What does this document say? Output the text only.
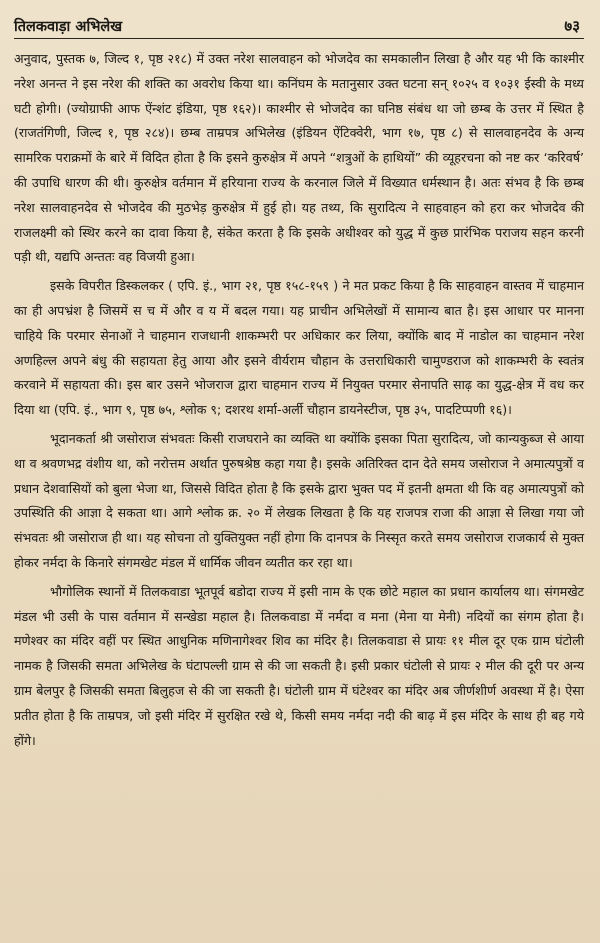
तिलकवाड़ा अभिलेख	७३

अनुवाद, पुस्तक ७, जिल्द १, पृष्ठ २१८) में उक्त नरेश सालवाहन को भोजदेव का समकालीन लिखा है और यह भी कि काश्मीर नरेश अनन्त ने इस नरेश की शक्ति का अवरोध किया था। कनिंघम के मतानुसार उक्त घटना सन् १०२५ व १०३१ ईस्वी के मध्य घटी होगी। (ज्योग्राफी आफ ऐंन्शंट इंडिया, पृष्ठ १६२)। काश्मीर से भोजदेव का घनिष्ठ संबंध था जो छम्ब के उत्तर में स्थित है (राजतंगिणी, जिल्द १, पृष्ठ २८४)। छम्ब ताम्रपत्र अभिलेख (इंडियन ऐंटिक्वेरी, भाग १७, पृष्ठ ८) से सालवाहनदेव के अन्य सामरिक पराक्रमों के बारे में विदित होता है कि इसने कुरुक्षेत्र में अपने “शत्रुओं के हाथियों” की व्यूहरचना को नष्ट कर ‘करिवर्ष’ की उपाधि धारण की थी। कुरुक्षेत्र वर्तमान में हरियाना राज्य के करनाल जिले में विख्यात धर्मस्थान है। अतः संभव है कि छम्ब नरेश सालवाहनदेव से भोजदेव की मुठभेड़ कुरुक्षेत्र में हुई हो। यह तथ्य, कि सुरादित्य ने साहवाहन को हरा कर भोजदेव की राजलक्ष्मी को स्थिर करने का दावा किया है, संकेत करता है कि इसके अधीश्वर को युद्ध में कुछ प्रारंभिक पराजय सहन करनी पड़ी थी, यद्यपि अन्ततः वह विजयी हुआ।

इसके विपरीत डिस्कलकर ( एपि. इं., भाग २१, पृष्ठ १५८-१५९ ) ने मत प्रकट किया है कि साहवाहन वास्तव में चाहमान का ही अपभ्रंश है जिसमें स च में और व य में बदल गया। यह प्राचीन अभिलेखों में सामान्य बात है। इस आधार पर मानना चाहिये कि परमार सेनाओं ने चाहमान राजधानी शाकम्भरी पर अधिकार कर लिया, क्योंकि बाद में नाडोल का चाहमान नरेश अणहिल्ल अपने बंधु की सहायता हेतु आया और इसने वीर्यराम चौहान के उत्तराधिकारी चामुण्डराज को शाकम्भरी के स्वतंत्र करवाने में सहायता की। इस बार उसने भोजराज द्वारा चाहमान राज्य में नियुक्त परमार सेनापति साढ़ का युद्ध-क्षेत्र में वध कर दिया था (एपि. इं., भाग ९, पृष्ठ ७५, श्लोक ९; दशरथ शर्मा-अर्ली चौहान डायनेस्टीज, पृष्ठ ३५, पादटिप्पणी १६)।

भूदानकर्ता श्री जसोराज संभवतः किसी राजघराने का व्यक्ति था क्योंकि इसका पिता सुरादित्य, जो कान्यकुब्ज से आया था व श्रवणभद्र वंशीय था, को नरोत्तम अर्थात पुरुषश्रेष्ठ कहा गया है। इसके अतिरिक्त दान देते समय जसोराज ने अमात्यपुत्रों व प्रधान देशवासियों को बुला भेजा था, जिससे विदित होता है कि इसके द्वारा भुक्त पद में इतनी क्षमता थी कि वह अमात्यपुत्रों को उपस्थिति की आज्ञा दे सकता था। आगे श्लोक क्र. २० में लेखक लिखता है कि यह राजपत्र राजा की आज्ञा से लिखा गया जो संभवतः श्री जसोराज ही था। यह सोचना तो युक्तियुक्त नहीं होगा कि दानपत्र के निस्सृत करते समय जसोराज राजकार्य से मुक्त होकर नर्मदा के किनारे संगमखेट मंडल में धार्मिक जीवन व्यतीत कर रहा था।

भौगोलिक स्थानों में तिलकवाडा भूतपूर्व बडोदा राज्य में इसी नाम के एक छोटे महाल का प्रधान कार्यालय था। संगमखेट मंडल भी उसी के पास वर्तमान में सन्खेडा महाल है। तिलकवाडा में नर्मदा व मना (मेना या मेनी) नदियों का संगम होता है। मणेश्वर का मंदिर वहीं पर स्थित आधुनिक मणिनागेश्वर शिव का मंदिर है। तिलकवाडा से प्रायः ११ मील दूर एक ग्राम घंटोली नामक है जिसकी समता अभिलेख के घंटापल्ली ग्राम से की जा सकती है। इसी प्रकार घंटोली से प्रायः २ मील की दूरी पर अन्य ग्राम बेलपुर है जिसकी समता बिलुहज से की जा सकती है। घंटोली ग्राम में घंटेश्वर का मंदिर अब जीर्णशीर्ण अवस्था में है। ऐसा प्रतीत होता है कि ताम्रपत्र, जो इसी मंदिर में सुरक्षित रखे थे, किसी समय नर्मदा नदी की बाढ़ में इस मंदिर के साथ ही बह गये होंगे।
